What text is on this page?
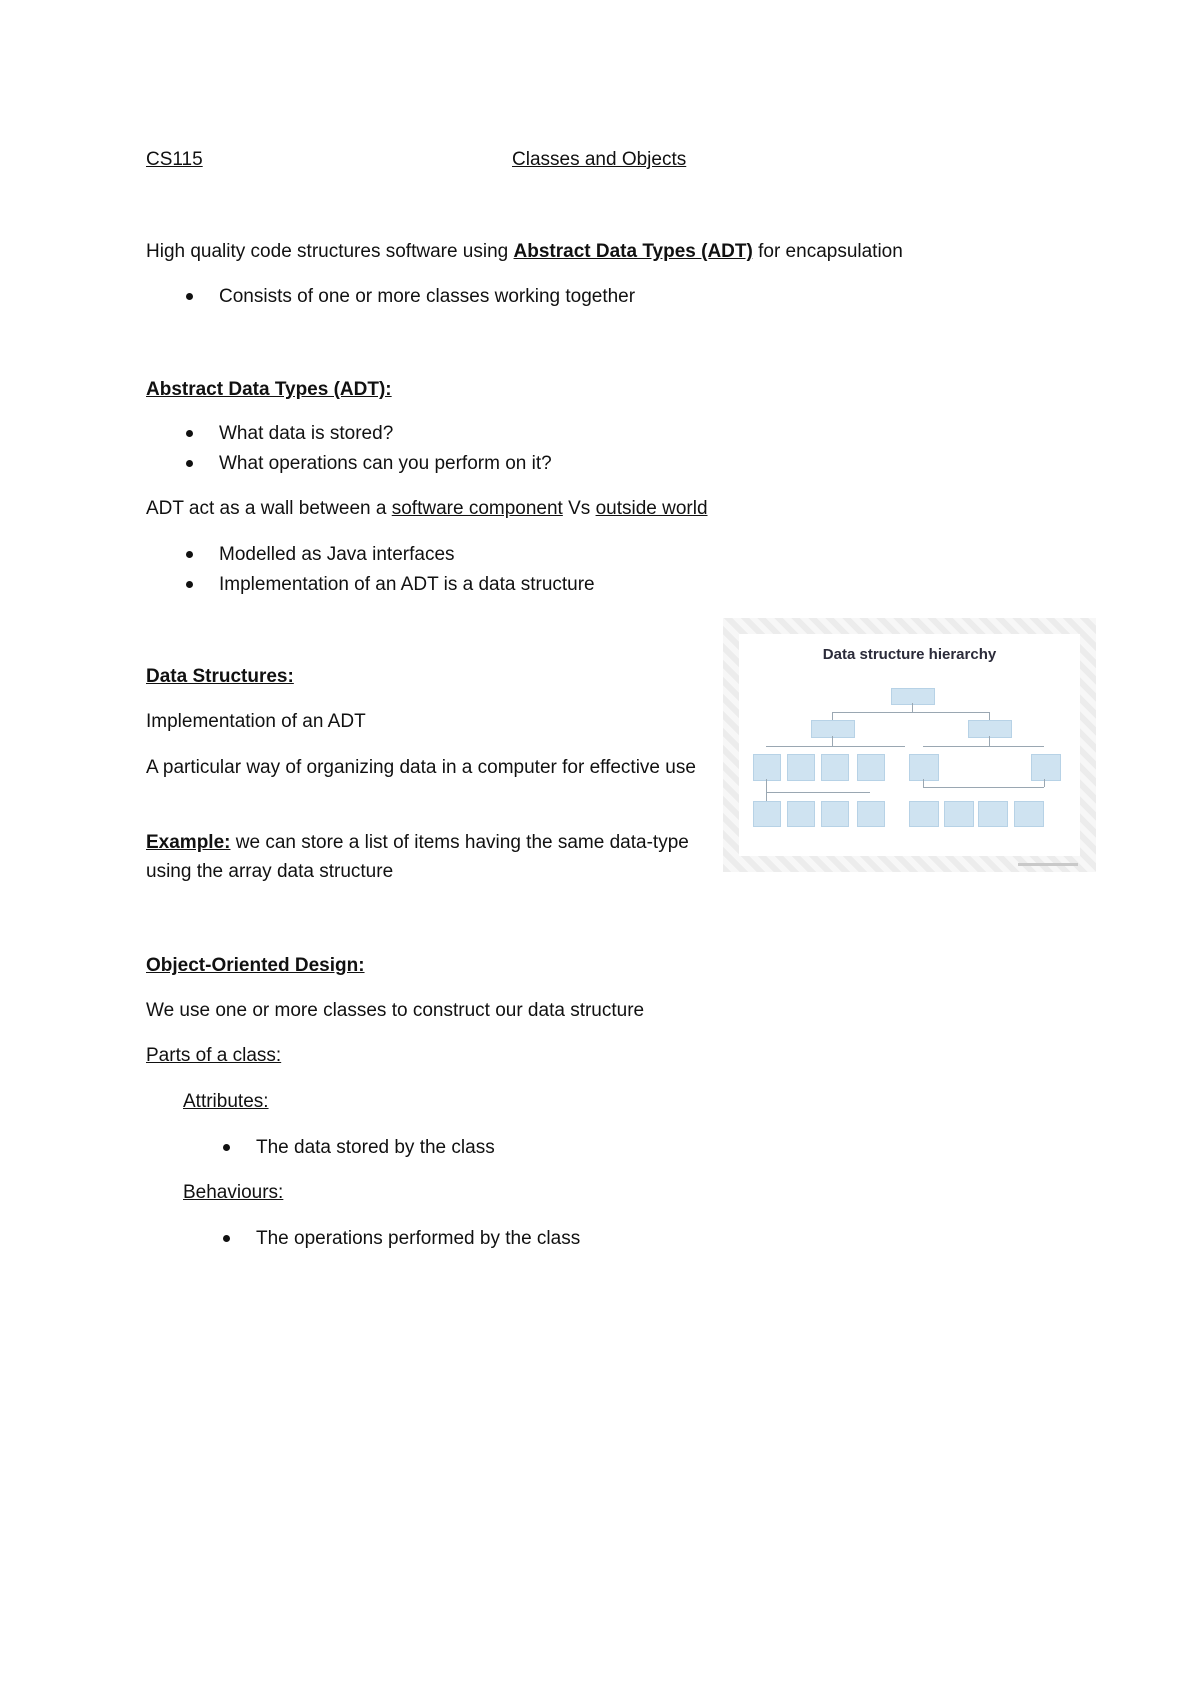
CS115	Classes and Objects
High quality code structures software using Abstract Data Types (ADT) for encapsulation
Consists of one or more classes working together
Abstract Data Types (ADT):
What data is stored?
What operations can you perform on it?
ADT act as a wall between a software component Vs outside world
Modelled as Java interfaces
Implementation of an ADT is a data structure
Data Structures:
Implementation of an ADT
A particular way of organizing data in a computer for effective use
Example: we can store a list of items having the same data-type using the array data structure
Data structure hierarchy
Object-Oriented Design:
We use one or more classes to construct our data structure
Parts of a class:
Attributes:
The data stored by the class
Behaviours:
The operations performed by the class
